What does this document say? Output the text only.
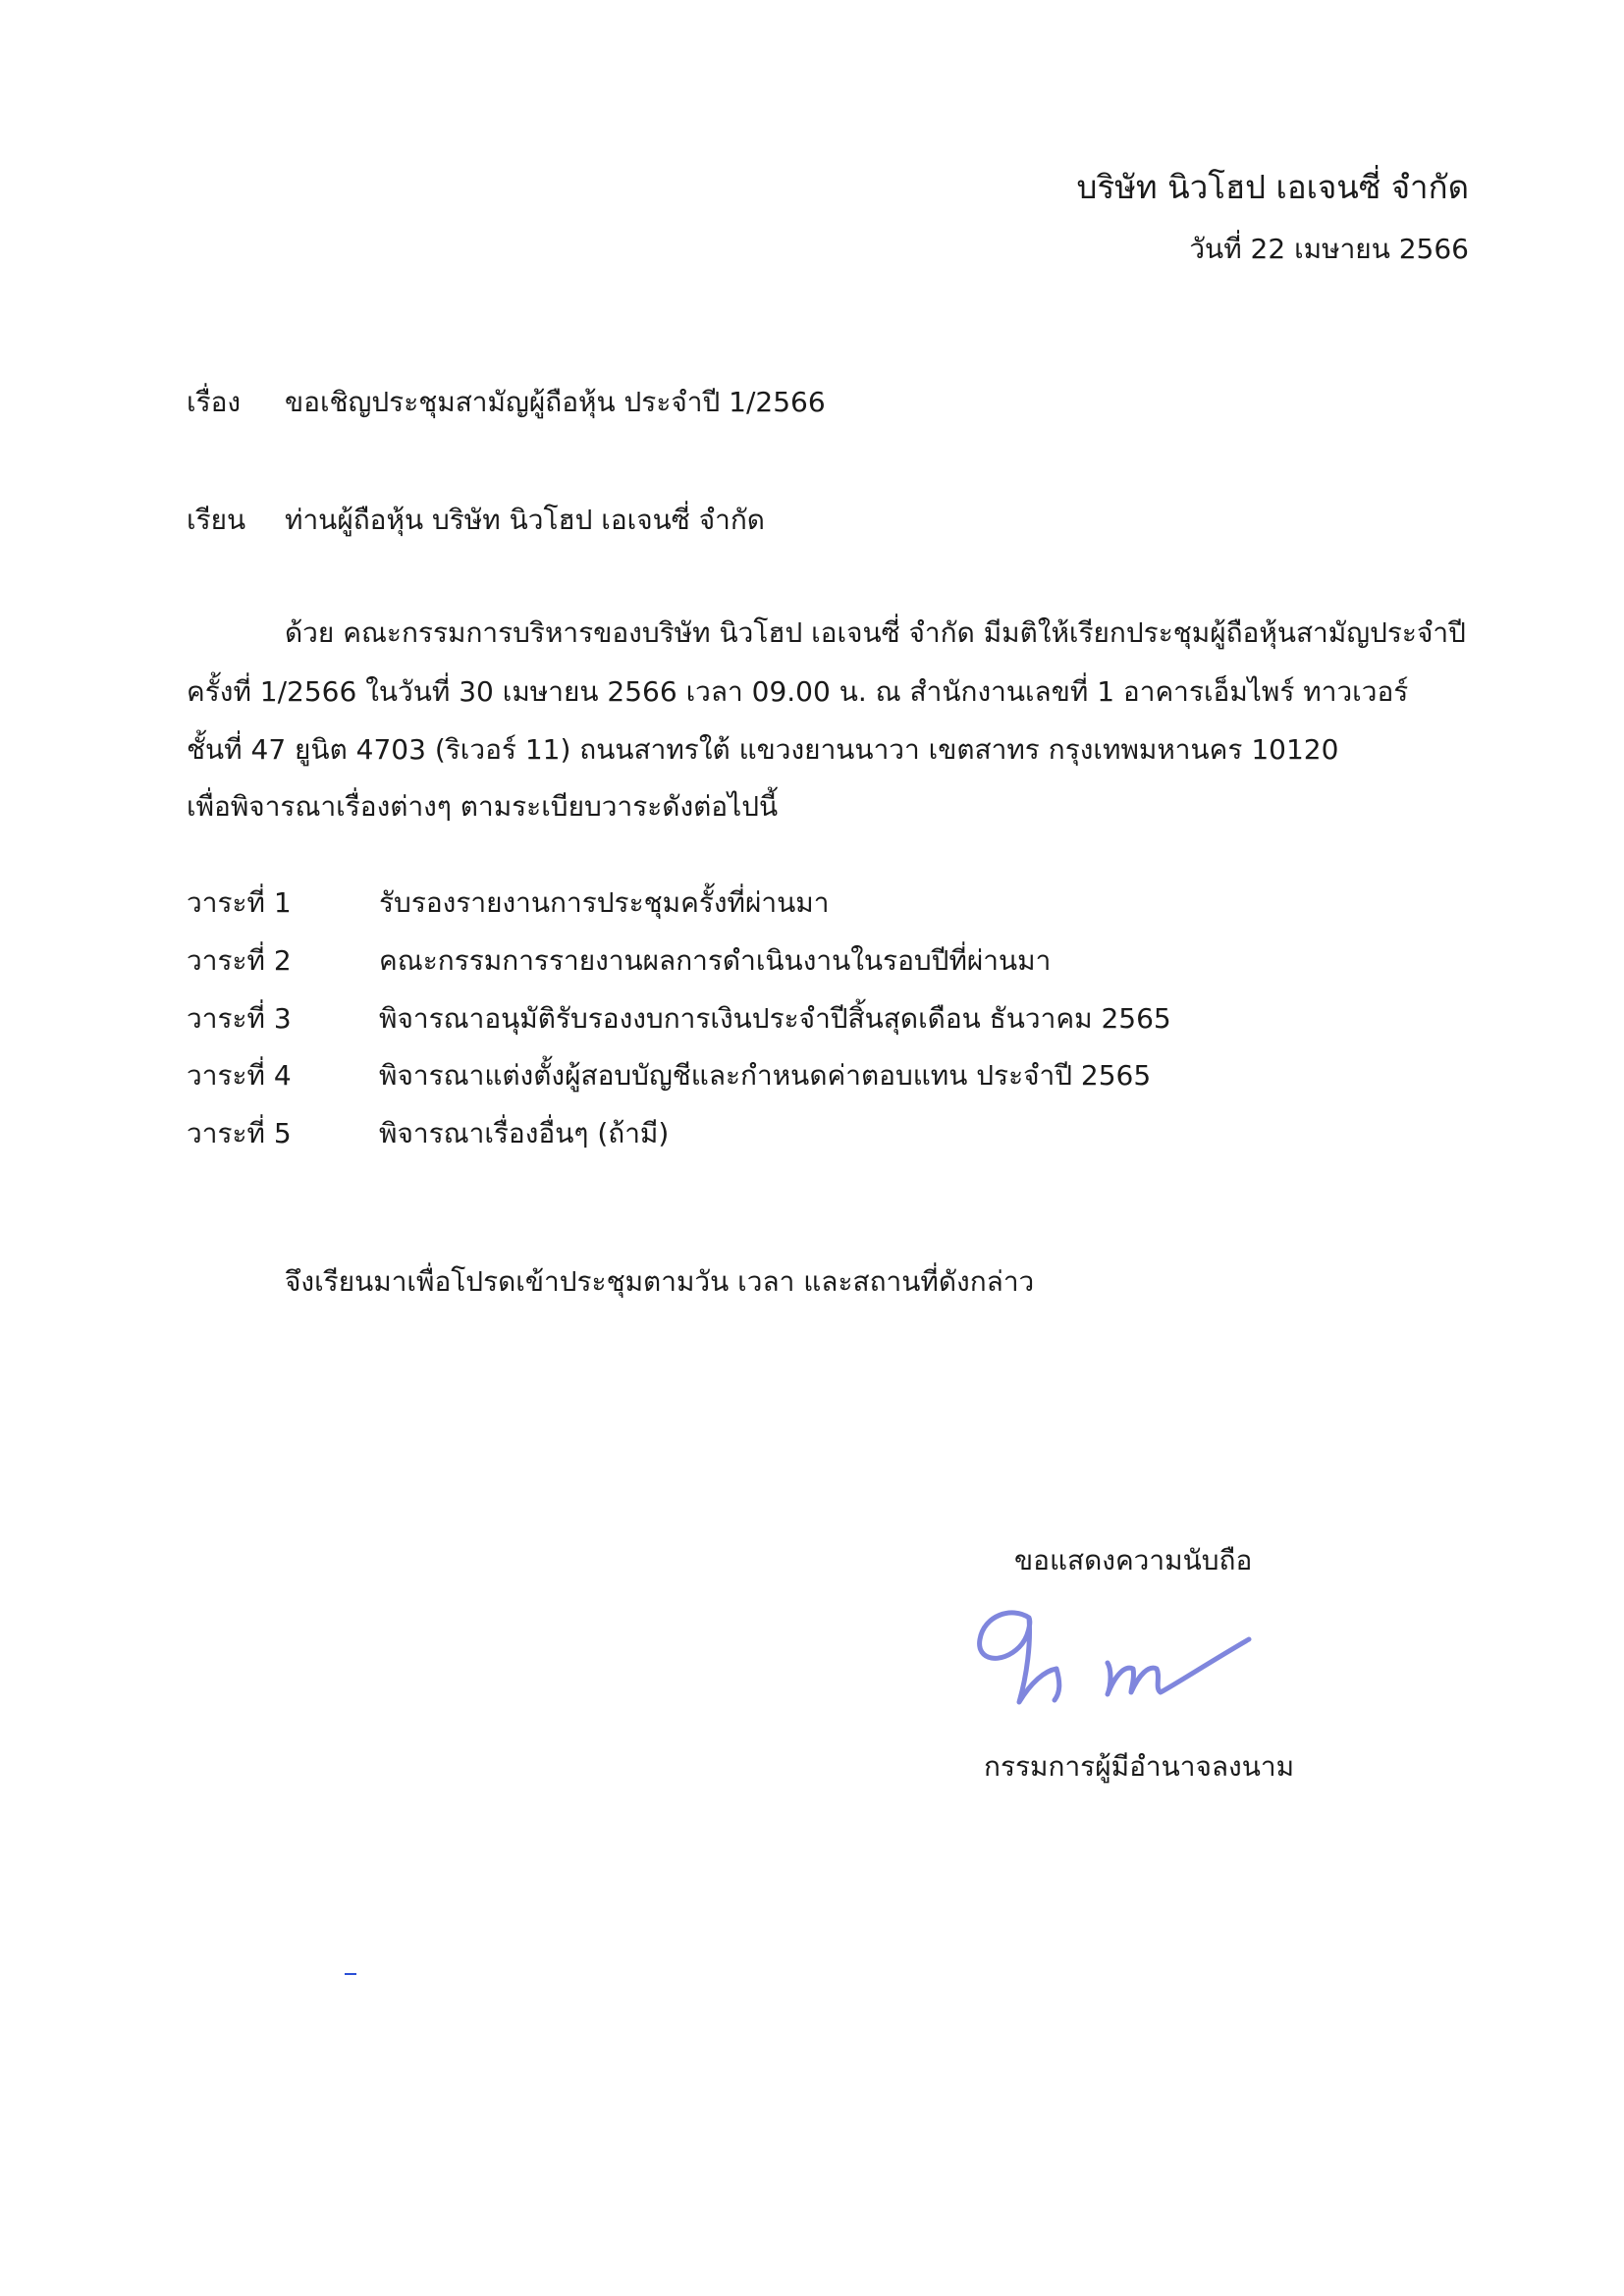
บริษัท นิวโฮป เอเจนซี่ จำกัด
วันที่ 22 เมษายน 2566
เรื่อง ขอเชิญประชุมสามัญผู้ถือหุ้น ประจำปี 1/2566
เรียน ท่านผู้ถือหุ้น บริษัท นิวโฮป เอเจนซี่ จำกัด
ด้วย คณะกรรมการบริหารของบริษัท นิวโฮป เอเจนซี่ จำกัด มีมติให้เรียกประชุมผู้ถือหุ้นสามัญประจำปี
ครั้งที่ 1/2566 ในวันที่ 30 เมษายน 2566 เวลา 09.00 น. ณ สำนักงานเลขที่ 1 อาคารเอ็มไพร์ ทาวเวอร์
ชั้นที่ 47 ยูนิต 4703 (ริเวอร์ 11) ถนนสาทรใต้ แขวงยานนาวา เขตสาทร กรุงเทพมหานคร 10120
เพื่อพิจารณาเรื่องต่างๆ ตามระเบียบวาระดังต่อไปนี้
วาระที่ 1	รับรองรายงานการประชุมครั้งที่ผ่านมา
วาระที่ 2	คณะกรรมการรายงานผลการดำเนินงานในรอบปีที่ผ่านมา
วาระที่ 3	พิจารณาอนุมัติรับรองงบการเงินประจำปีสิ้นสุดเดือน ธันวาคม 2565
วาระที่ 4	พิจารณาแต่งตั้งผู้สอบบัญชีและกำหนดค่าตอบแทน ประจำปี 2565
วาระที่ 5	พิจารณาเรื่องอื่นๆ (ถ้ามี)
จึงเรียนมาเพื่อโปรดเข้าประชุมตามวัน เวลา และสถานที่ดังกล่าว
ขอแสดงความนับถือ
กรรมการผู้มีอำนาจลงนาม
